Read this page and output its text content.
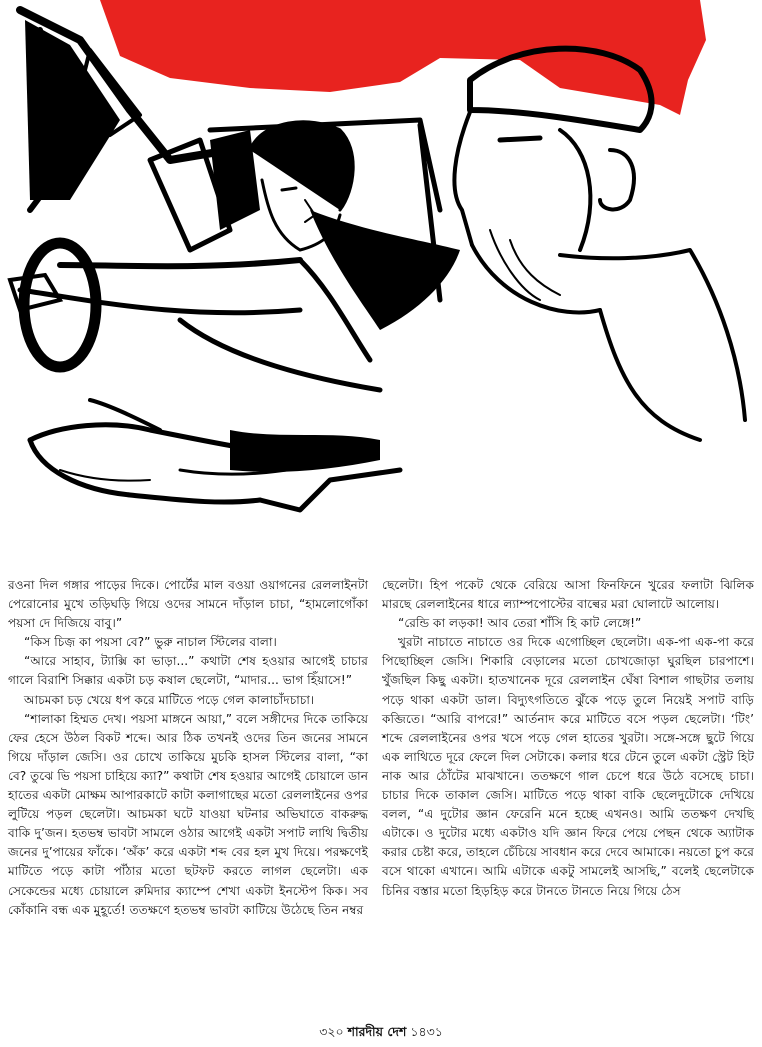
রওনা দিল গঙ্গার পাড়ের দিকে। পোর্টের মাল বওয়া ওয়াগনের রেললাইনটা পেরোনোর মুখে তড়িঘড়ি গিয়ে ওদের সামনে দাঁড়াল চাচা, “হামলোগোঁকা পয়সা দে দিজিয়ে বাবু।”

“কিস চিজ় কা পয়সা বে?” ভুরু নাচাল স্টিলের বালা।

“আরে সাহাব, ট্যাক্সি কা ভাড়া...” কথাটা শেষ হওয়ার আগেই চাচার গালে বিরাশি সিক্কার একটা চড় কষাল ছেলেটা, “মাদার... ভাগ হিঁয়াসে!”

আচমকা চড় খেয়ে ধপ করে মাটিতে পড়ে গেল কালাচাঁদচাচা।

“শালাকা হিম্মত দেখ। পয়সা মাঙ্গনে আয়া,” বলে সঙ্গীদের দিকে তাকিয়ে ফের হেসে উঠল বিকট শব্দে। আর ঠিক তখনই ওদের তিন জনের সামনে গিয়ে দাঁড়াল জেসি। ওর চোখে তাকিয়ে মুচকি হাসল স্টিলের বালা, “কা বে? তুঝে ভি পয়সা চাহিয়ে ক্যা?” কথাটা শেষ হওয়ার আগেই চোয়ালে ডান হাতের একটা মোক্ষম আপারকাটে কাটা কলাগাছের মতো রেললাইনের ওপর লুটিয়ে পড়ল ছেলেটা। আচমকা ঘটে যাওয়া ঘটনার অভিঘাতে বাকরুদ্ধ বাকি দু’জন। হতভম্ব ভাবটা সামলে ওঠার আগেই একটা সপাট লাথি দ্বিতীয় জনের দু’পায়ের ফাঁকে। ‘অঁক’ করে একটা শব্দ বের হল মুখ দিয়ে। পরক্ষণেই মাটিতে পড়ে কাটা পাঁঠার মতো ছটফট করতে লাগল ছেলেটা। এক সেকেন্ডের মধ্যে চোয়ালে রুমিদার ক্যাম্পে শেখা একটা ইনস্টেপ কিক। সব কোঁকানি বন্ধ এক মুহূর্তে! ততক্ষণে হতভম্ব ভাবটা কাটিয়ে উঠেছে তিন নম্বর

ছেলেটা। হিপ পকেট থেকে বেরিয়ে আসা ফিনফিনে খুরের ফলাটা ঝিলিক মারছে রেললাইনের ধারে ল্যাম্পপোস্টের বাল্বের মরা ঘোলাটে আলোয়।

“রেন্ডি কা লড়কা! আব তেরা শাঁসি হি কাট লেঙ্গে!”

খুরটা নাচাতে নাচাতে ওর দিকে এগোচ্ছিল ছেলেটা। এক-পা এক-পা করে পিছোচ্ছিল জেসি। শিকারি বেড়ালের মতো চোখজোড়া ঘুরছিল চারপাশে। খুঁজছিল কিছু একটা। হাতখানেক দূরে রেললাইন ঘেঁষা বিশাল গাছটার তলায় পড়ে থাকা একটা ডাল। বিদ্যুৎগতিতে ঝুঁকে পড়ে তুলে নিয়েই সপাট বাড়ি কব্জিতে। “আরি বাপরে!” আর্তনাদ করে মাটিতে বসে পড়ল ছেলেটা। ‘টিং’ শব্দে রেললাইনের ওপর খসে পড়ে গেল হাতের খুরটা। সঙ্গে-সঙ্গে ছুটে গিয়ে এক লাথিতে দূরে ফেলে দিল সেটাকে। কলার ধরে টেনে তুলে একটা স্ট্রেট হিট নাক আর ঠোঁটের মাঝখানে। ততক্ষণে গাল চেপে ধরে উঠে বসেছে চাচা। চাচার দিকে তাকাল জেসি। মাটিতে পড়ে থাকা বাকি ছেলেদুটোকে দেখিয়ে বলল, “এ দুটোর জ্ঞান ফেরেনি মনে হচ্ছে এখনও। আমি ততক্ষণ দেখছি এটাকে। ও দুটোর মধ্যে একটাও যদি জ্ঞান ফিরে পেয়ে পেছন থেকে অ্যাটাক করার চেষ্টা করে, তাহলে চেঁচিয়ে সাবধান করে দেবে আমাকে। নয়তো চুপ করে বসে থাকো এখানে। আমি এটাকে একটু সামলেই আসছি,” বলেই ছেলেটাকে চিনির বস্তার মতো হিড়হিড় করে টানতে টানতে নিয়ে গিয়ে ঠেস

৩২০ শারদীয় দেশ ১৪৩১
